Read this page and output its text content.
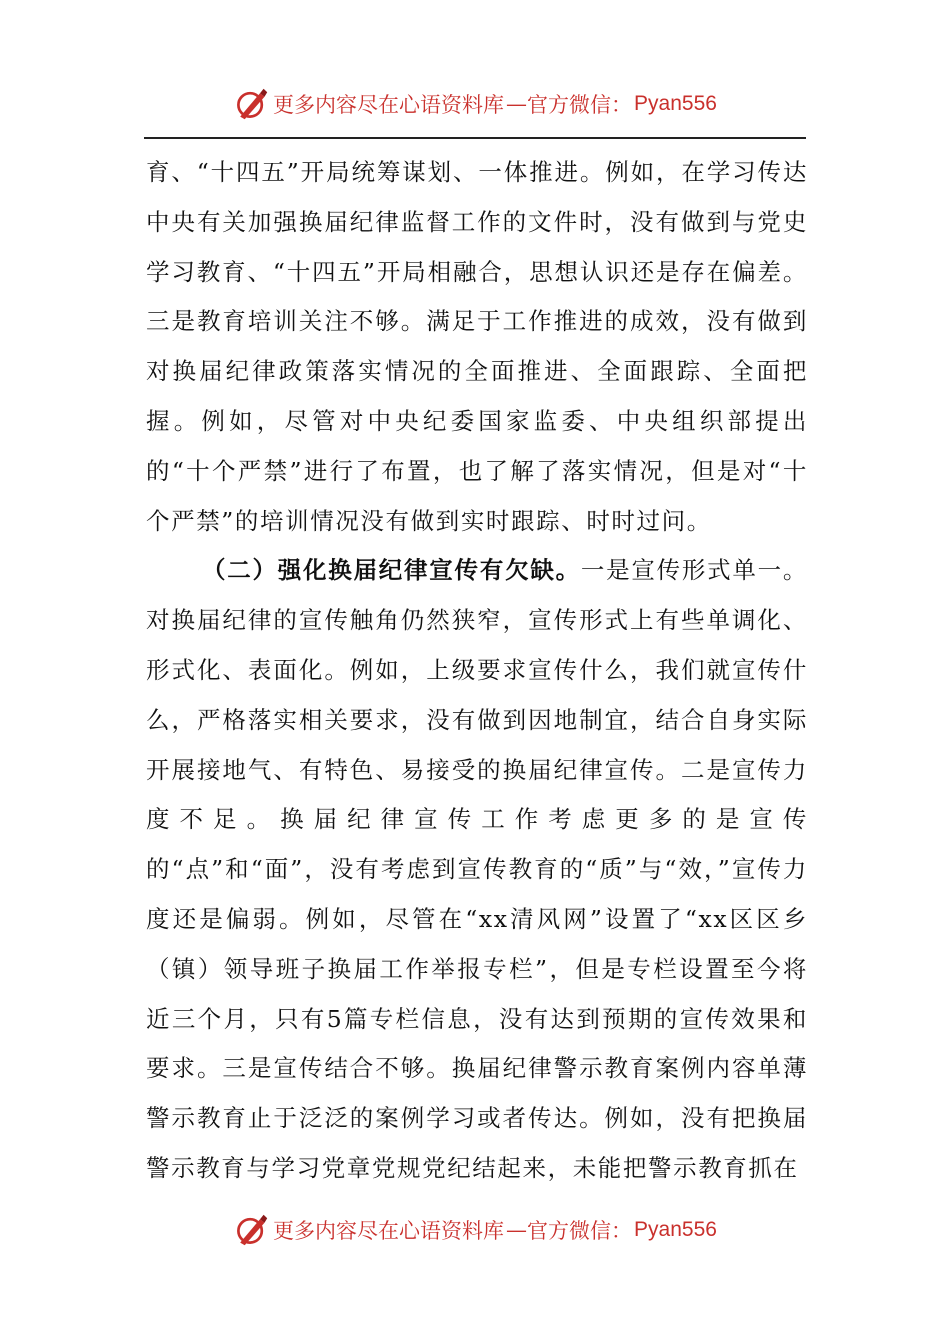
更多内容尽在心语资料库 — 官方微信： Pyan556

育、“十四五”开局统筹谋划、一体推进。例如，在学习传达中央有关加强换届纪律监督工作的文件时，没有做到与党史学习教育、“十四五”开局相融合，思想认识还是存在偏差。三是教育培训关注不够。满足于工作推进的成效，没有做到对换届纪律政策落实情况的全面推进、全面跟踪、全面把握。例如，尽管对中央纪委国家监委、中央组织部提出的“十个严禁”进行了布置，也了解了落实情况，但是对“十个严禁”的培训情况没有做到实时跟踪、时时过问。

（二）强化换届纪律宣传有欠缺。一是宣传形式单一。对换届纪律的宣传触角仍然狭窄，宣传形式上有些单调化、形式化、表面化。例如，上级要求宣传什么，我们就宣传什么，严格落实相关要求，没有做到因地制宜，结合自身实际开展接地气、有特色、易接受的换届纪律宣传。二是宣传力度不足。换届纪律宣传工作考虑更多的是宣传的“点”和“面”，没有考虑到宣传教育的“质”与“效，”宣传力度还是偏弱。例如，尽管在“xx清风网”设置了“xx区区乡（镇）领导班子换届工作举报专栏”，但是专栏设置至今将近三个月，只有5篇专栏信息，没有达到预期的宣传效果和要求。三是宣传结合不够。换届纪律警示教育案例内容单薄警示教育止于泛泛的案例学习或者传达。例如，没有把换届警示教育与学习党章党规党纪结起来，未能把警示教育抓在

更多内容尽在心语资料库 — 官方微信： Pyan556
